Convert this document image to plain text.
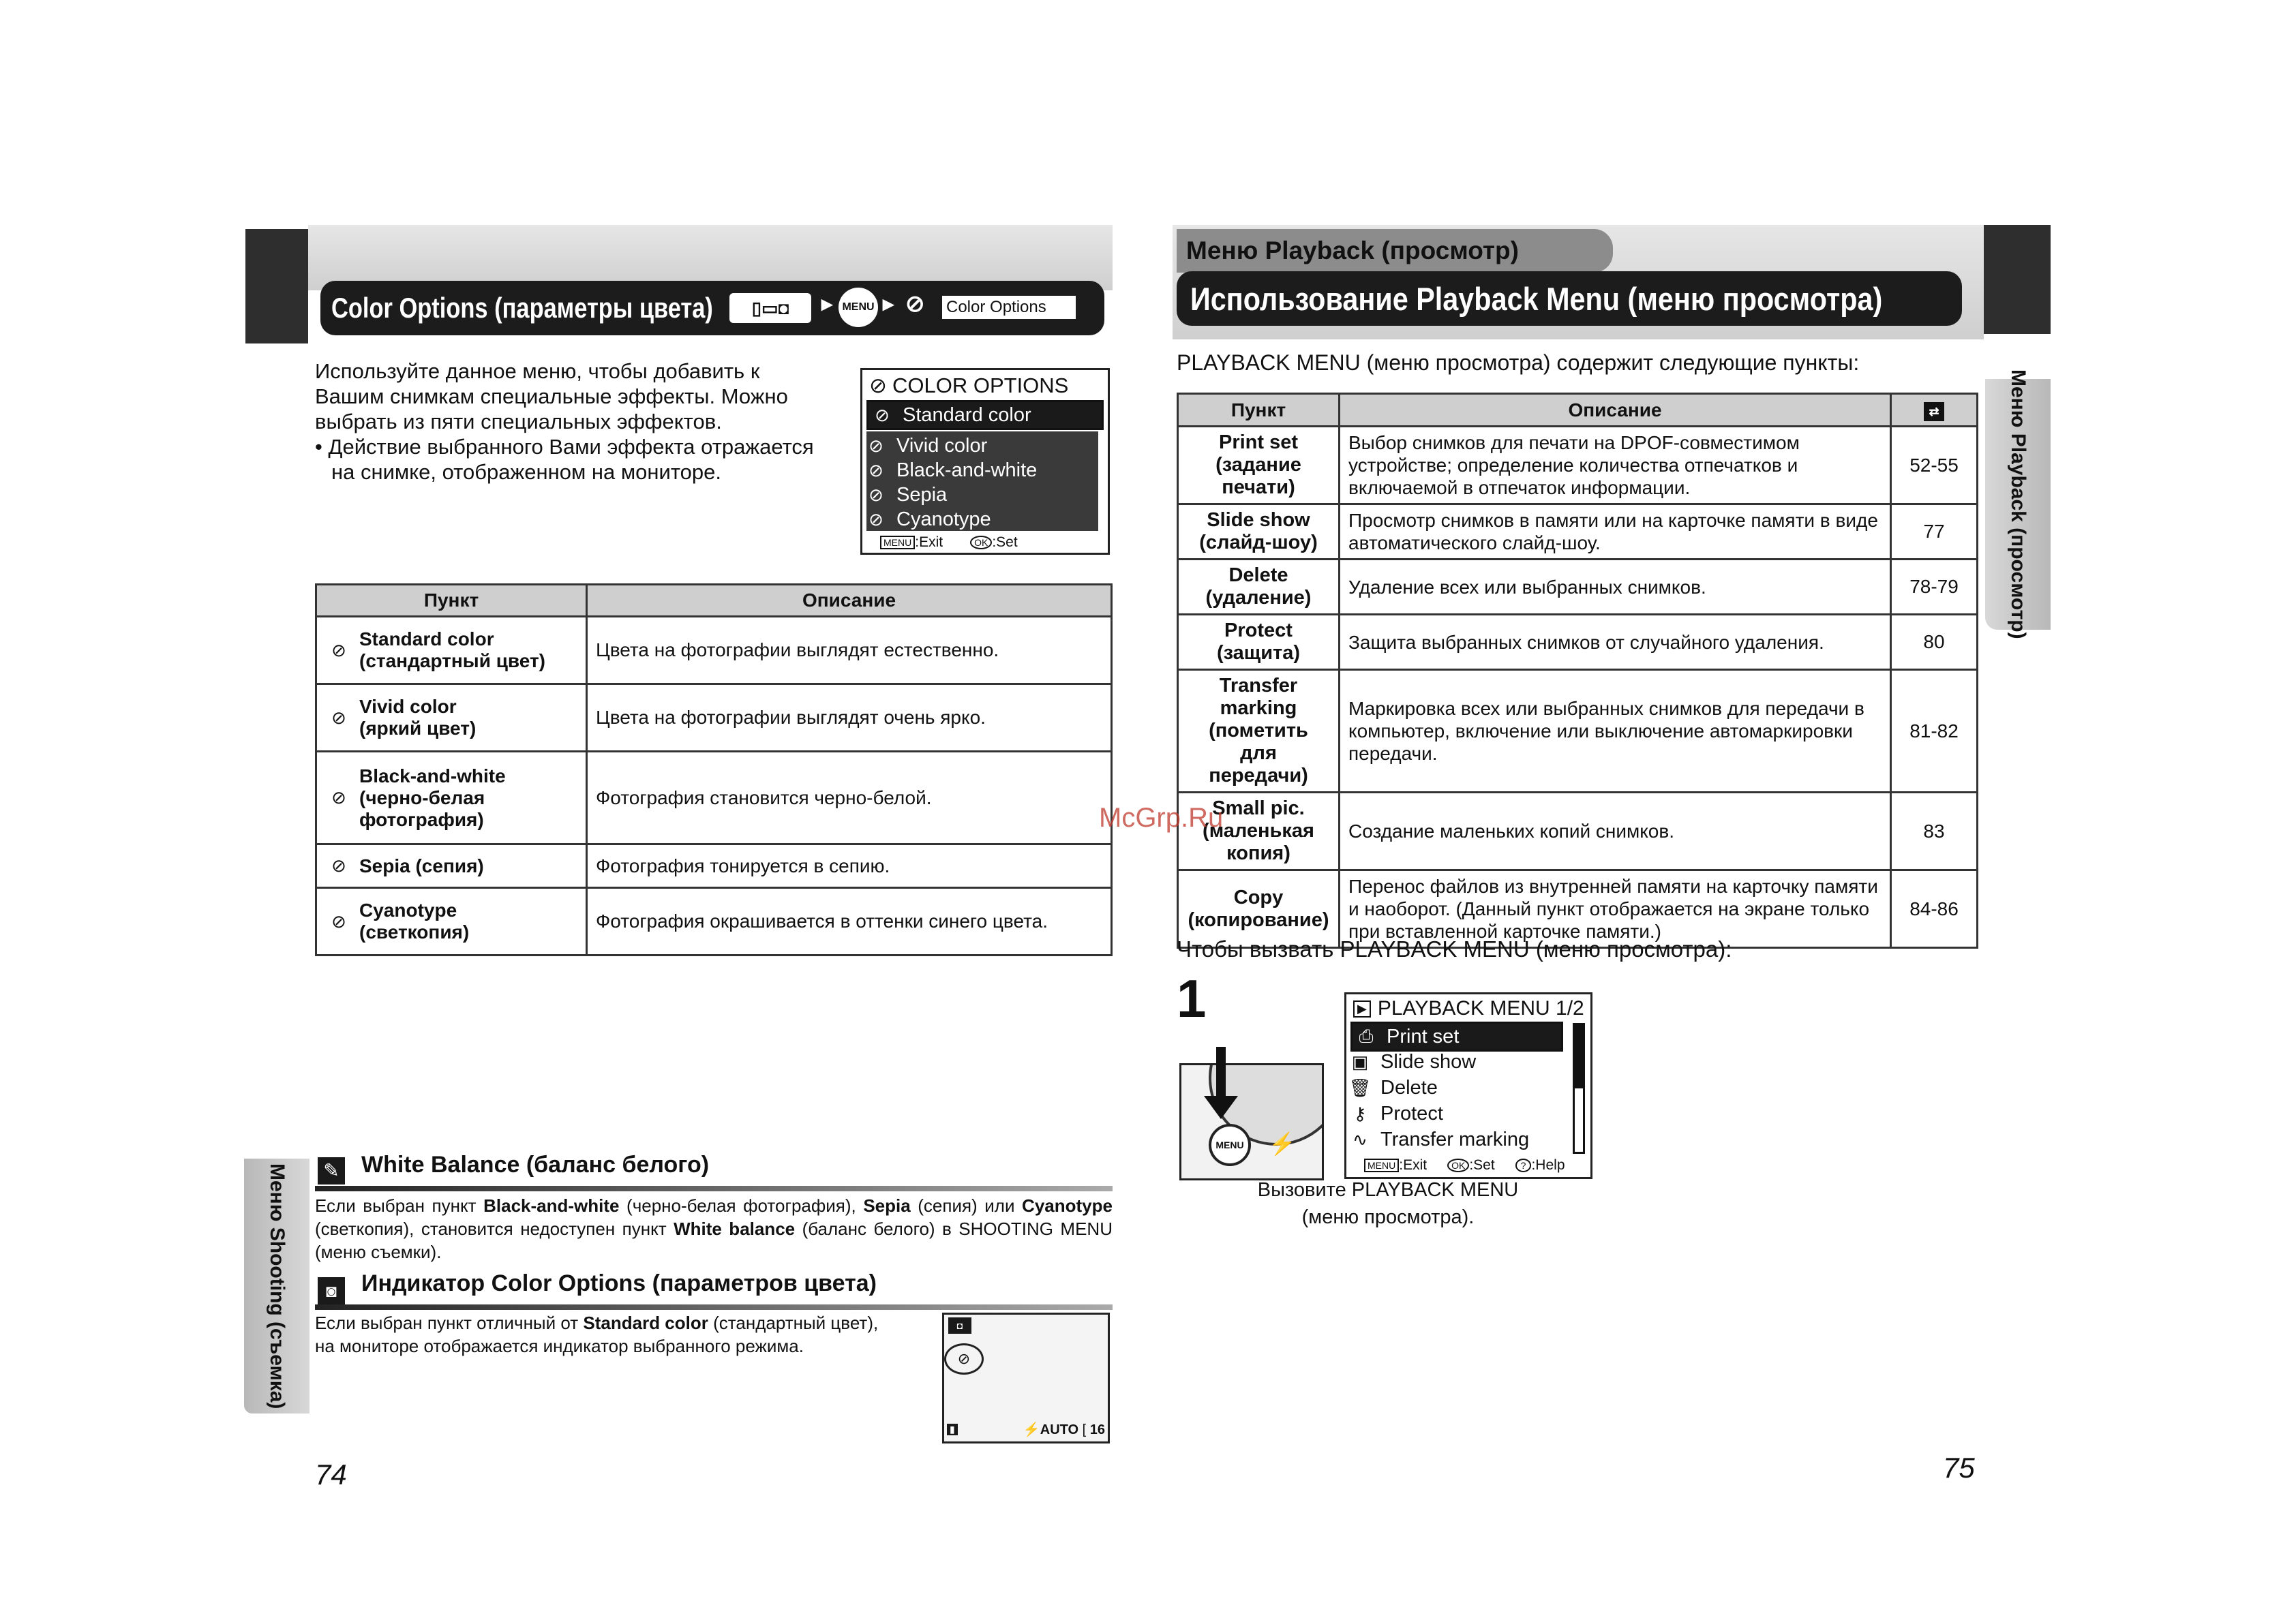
Color Options (параметры цвета)	▯▭◘	▸ MENU ▸ ⊘ Color Options
Используйте данное меню, чтобы добавить к
Вашим снимкам специальные эффекты. Можно
выбрать из пяти специальных эффектов.
• Действие выбранного Вами эффекта отражается
на снимке, отображенном на мониторе.
⊘ COLOR OPTIONS
⊘ Standard color
⊘ Vivid color
⊘ Black-and-white
⊘ Sepia
⊘ Cyanotype
MENU :Exit	OK :Set
Пункт	Описание

⊘
Standard color
(стандартный цвет)	Цвета на фотографии выглядят естественно.

⊘
Vivid color
(яркий цвет)	Цвета на фотографии выглядят очень ярко.

⊘
Black-and-white
(черно-белая
фотография)	Фотография становится черно-белой.

⊘ Sepia (сепия)	Фотография тонируется в сепию.

⊘
Cyanotype
(светкопия)	Фотография окрашивается в оттенки синего цвета.
✎ White Balance (баланс белого)
Если выбран пункт Black-and-white (черно-белая фотография), Sepia (сепия) или Cyanotype (светкопия), становится недоступен пункт White balance (баланс белого) в SHOOTING MENU (меню съемки).
◙	Индикатор Color Options (параметров цвета)
Если выбран пункт отличный от Standard color (стандартный цвет),
на мониторе отображается индикатор выбранного режима.
◘
⊘
▮	⚡AUTO [ 16
Меню Shooting (съемка)
74
Меню Playback (просмотр)
Использование Playback Menu (меню просмотра)
PLAYBACK MENU (меню просмотра) содержит следующие пункты:
Пункт	Описание	⇄
Print set
(задание
печати)	Выбор снимков для печати на DPOF-совместимом устройстве; определение количества отпечатков и включаемой в отпечаток информации.	52-55
Slide show
(слайд-шоу)	Просмотр снимков в памяти или на карточке памяти в виде автоматического слайд-шоу.	77
Delete
(удаление)	Удаление всех или выбранных снимков.	78-79
Protect
(защита)	Защита выбранных снимков от случайного удаления.	80
Transfer
marking
(пометить
для
передачи)	Маркировка всех или выбранных снимков для передачи в компьютер, включение или выключение автомаркировки передачи.	81-82
Small pic.
(маленькая
копия)	Создание маленьких копий снимков.	83
Copy
(копирование)	Перенос файлов из внутренней памяти на карточку памяти и наоборот. (Данный пункт отображается на экране только при вставленной карточке памяти.)	84-86
Чтобы вызвать PLAYBACK MENU (меню просмотра):
1
MENU	⚡
▶ PLAYBACK MENU 1/2
⎙ Print set
▣ Slide show
🗑 Delete
⚷ Protect
∿ Transfer marking
MENU :Exit	OK :Set	? :Help
Вызовите PLAYBACK MENU
(меню просмотра).
Меню Playback (просмотр)
75
McGrp.Ru
